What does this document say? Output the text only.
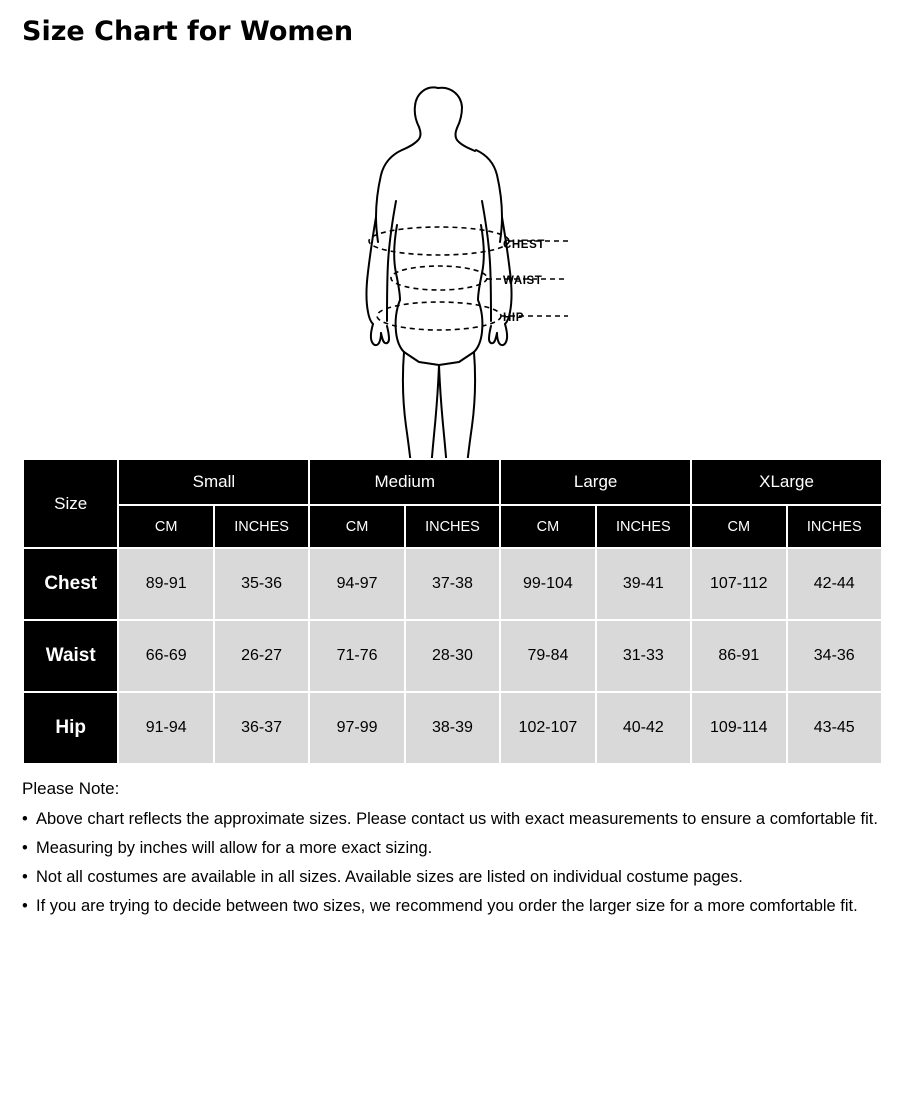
Size Chart for Women
CHEST
WAIST
HIP
Size	Small		Medium		Large		XLarge	
	CM	INCHES	CM	INCHES	CM	INCHES	CM	INCHES
Chest	89-91	35-36	94-97	37-38	99-104	39-41	107-112	42-44
Waist	66-69	26-27	71-76	28-30	79-84	31-33	86-91	34-36
Hip	91-94	36-37	97-99	38-39	102-107	40-42	109-114	43-45
Please Note:
• Above chart reflects the approximate sizes. Please contact us with exact measurements to ensure a comfortable fit.
• Measuring by inches will allow for a more exact sizing.
• Not all costumes are available in all sizes. Available sizes are listed on individual costume pages.
• If you are trying to decide between two sizes, we recommend you order the larger size for a more comfortable fit.
